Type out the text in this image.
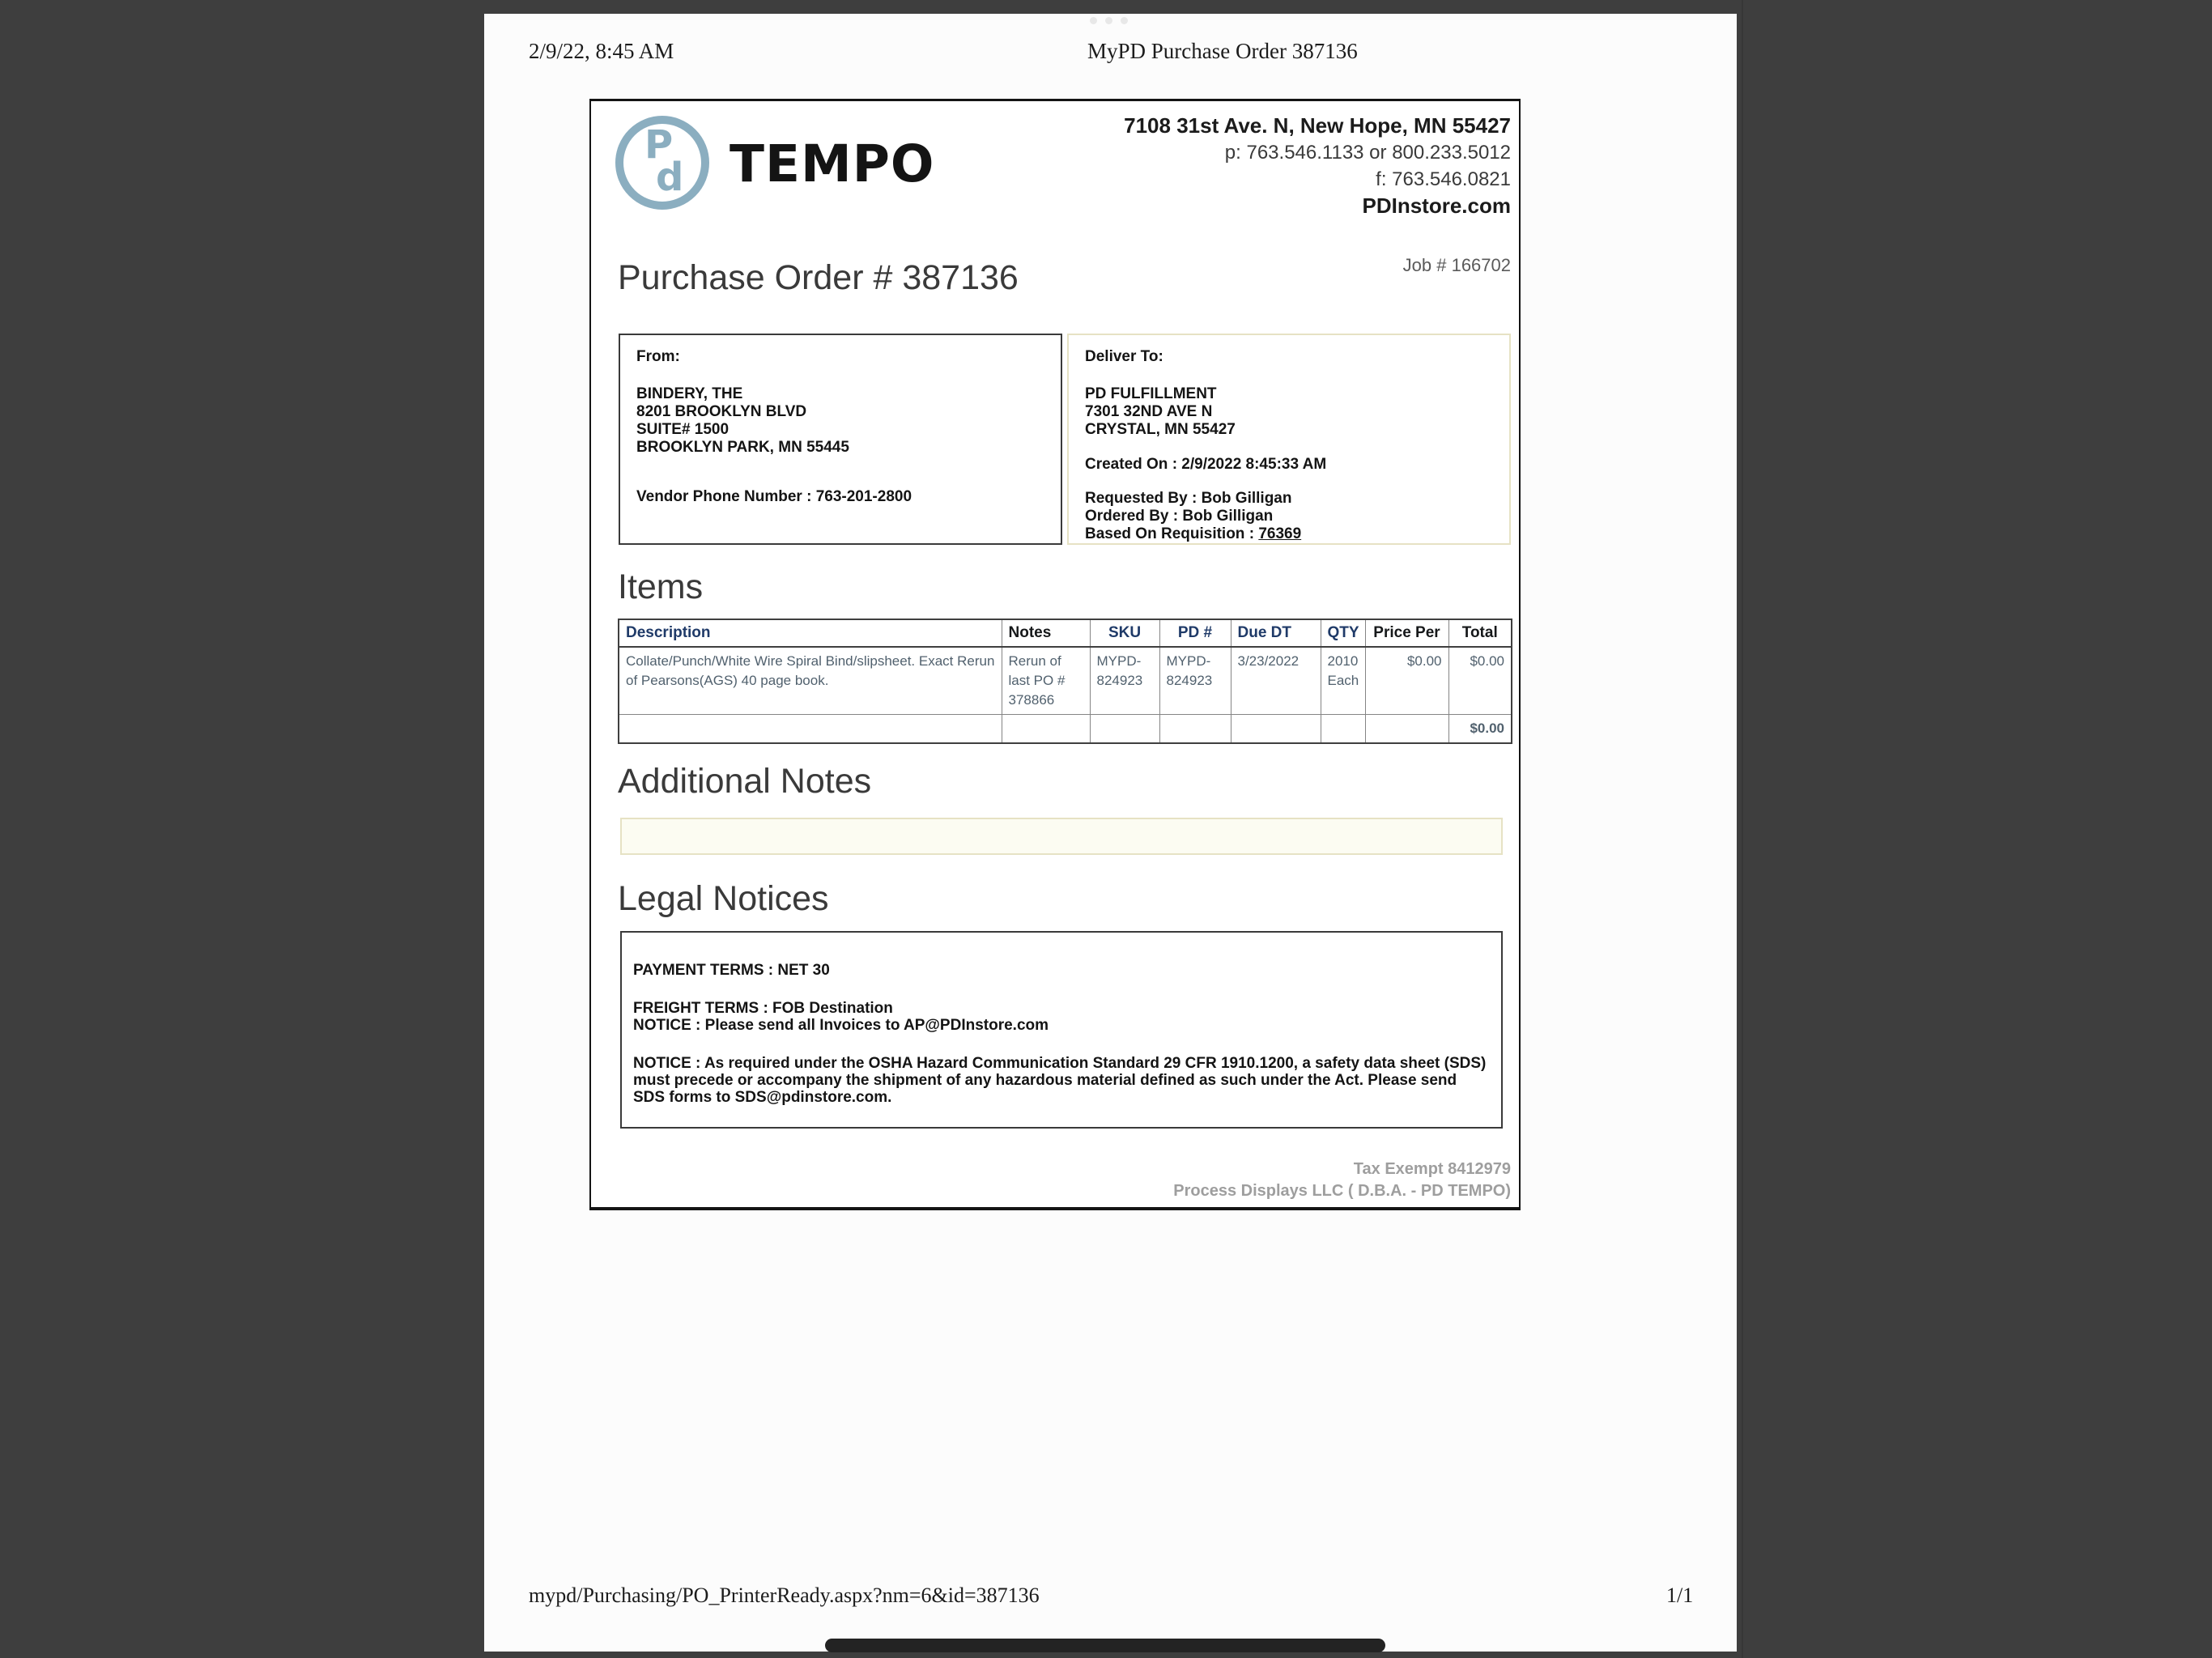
2/9/22, 8:45 AM	MyPD Purchase Order 387136
P
d TEMPO
7108 31st Ave. N, New Hope, MN 55427
p: 763.546.1133 or 800.233.5012
f: 763.546.0821
PDInstore.com
Job # 166702
Purchase Order # 387136
From:
BINDERY, THE
8201 BROOKLYN BLVD
SUITE# 1500
BROOKLYN PARK, MN 55445
Vendor Phone Number : 763-201-2800
Deliver To:
PD FULFILLMENT
7301 32ND AVE N
CRYSTAL, MN 55427
Created On : 2/9/2022 8:45:33 AM
Requested By : Bob Gilligan
Ordered By : Bob Gilligan
Based On Requisition : 76369
Items
Description	Notes	SKU	PD #	Due DT	QTY	Price Per	Total
Collate/Punch/White Wire Spiral Bind/slipsheet. Exact Rerun of Pearsons(AGS) 40 page book.	Rerun of last PO # 378866	MYPD-824923	MYPD-824923	3/23/2022	2010 Each	$0.00	$0.00
							$0.00
Additional Notes
Legal Notices
PAYMENT TERMS : NET 30
FREIGHT TERMS : FOB Destination
NOTICE : Please send all Invoices to AP@PDInstore.com
NOTICE : As required under the OSHA Hazard Communication Standard 29 CFR 1910.1200, a safety data sheet (SDS) must precede or accompany the shipment of any hazardous material defined as such under the Act. Please send SDS forms to SDS@pdinstore.com.
Tax Exempt 8412979
Process Displays LLC ( D.B.A. - PD TEMPO)
mypd/Purchasing/PO_PrinterReady.aspx?nm=6&id=387136	1/1
